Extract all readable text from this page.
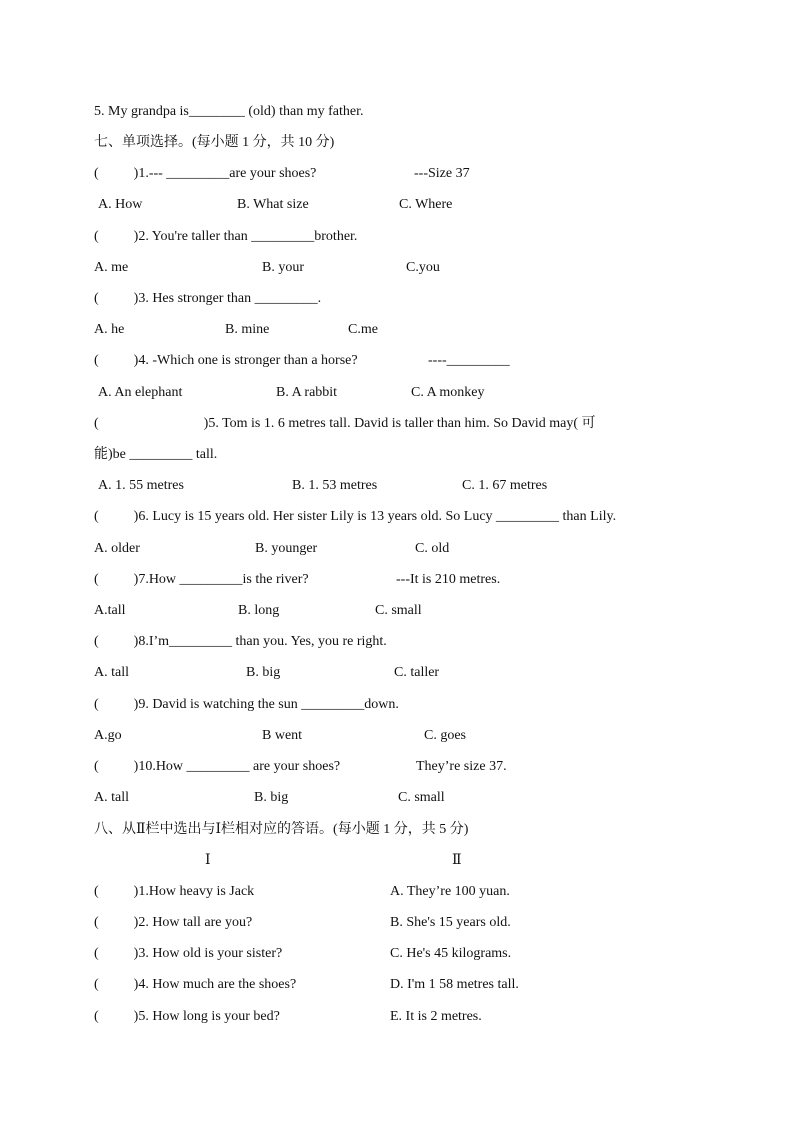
5. My grandpa is________ (old) than my father.
七、单项选择。(每小题 1 分，共 10 分)
(          )1.--- _________are your shoes?	---Size 37
A. How	B. What size	C. Where
(          )2. You're taller than _________brother.
A. me	B. your	C.you
(          )3. Hes stronger than _________.
A. he	B. mine	C.me
(          )4. -Which one is stronger than a horse?	----_________
A. An elephant	B. A rabbit	C. A monkey
(                              )5. Tom is 1. 6 metres tall. David is taller than him. So David may( 可
能)be _________ tall.
A. 1. 55 metres	B. 1. 53 metres	C. 1. 67 metres
(          )6. Lucy is 15 years old. Her sister Lily is 13 years old. So Lucy _________ than Lily.
A. older	B. younger	C. old
(          )7.How _________is the river?	---It is 210 metres.
A.tall	B. long	C. small
(          )8.I’m_________ than you. Yes, you re right.
A. tall	B. big	C. taller
(          )9. David is watching the sun _________down.
A.go	B went	C. goes
(          )10.How _________ are your shoes?	They’re size 37.
A. tall	B. big	C. small
八、从Ⅱ栏中选出与Ⅰ栏相对应的答语。(每小题 1 分，共 5 分)
Ⅰ	Ⅱ
(          )1.How heavy is Jack	A. They’re 100 yuan.
(          )2. How tall are you?	B. She's 15 years old.
(          )3. How old is your sister?	C. He's 45 kilograms.
(          )4. How much are the shoes?	D. I'm 1 58 metres tall.
(          )5. How long is your bed?	E. It is 2 metres.
